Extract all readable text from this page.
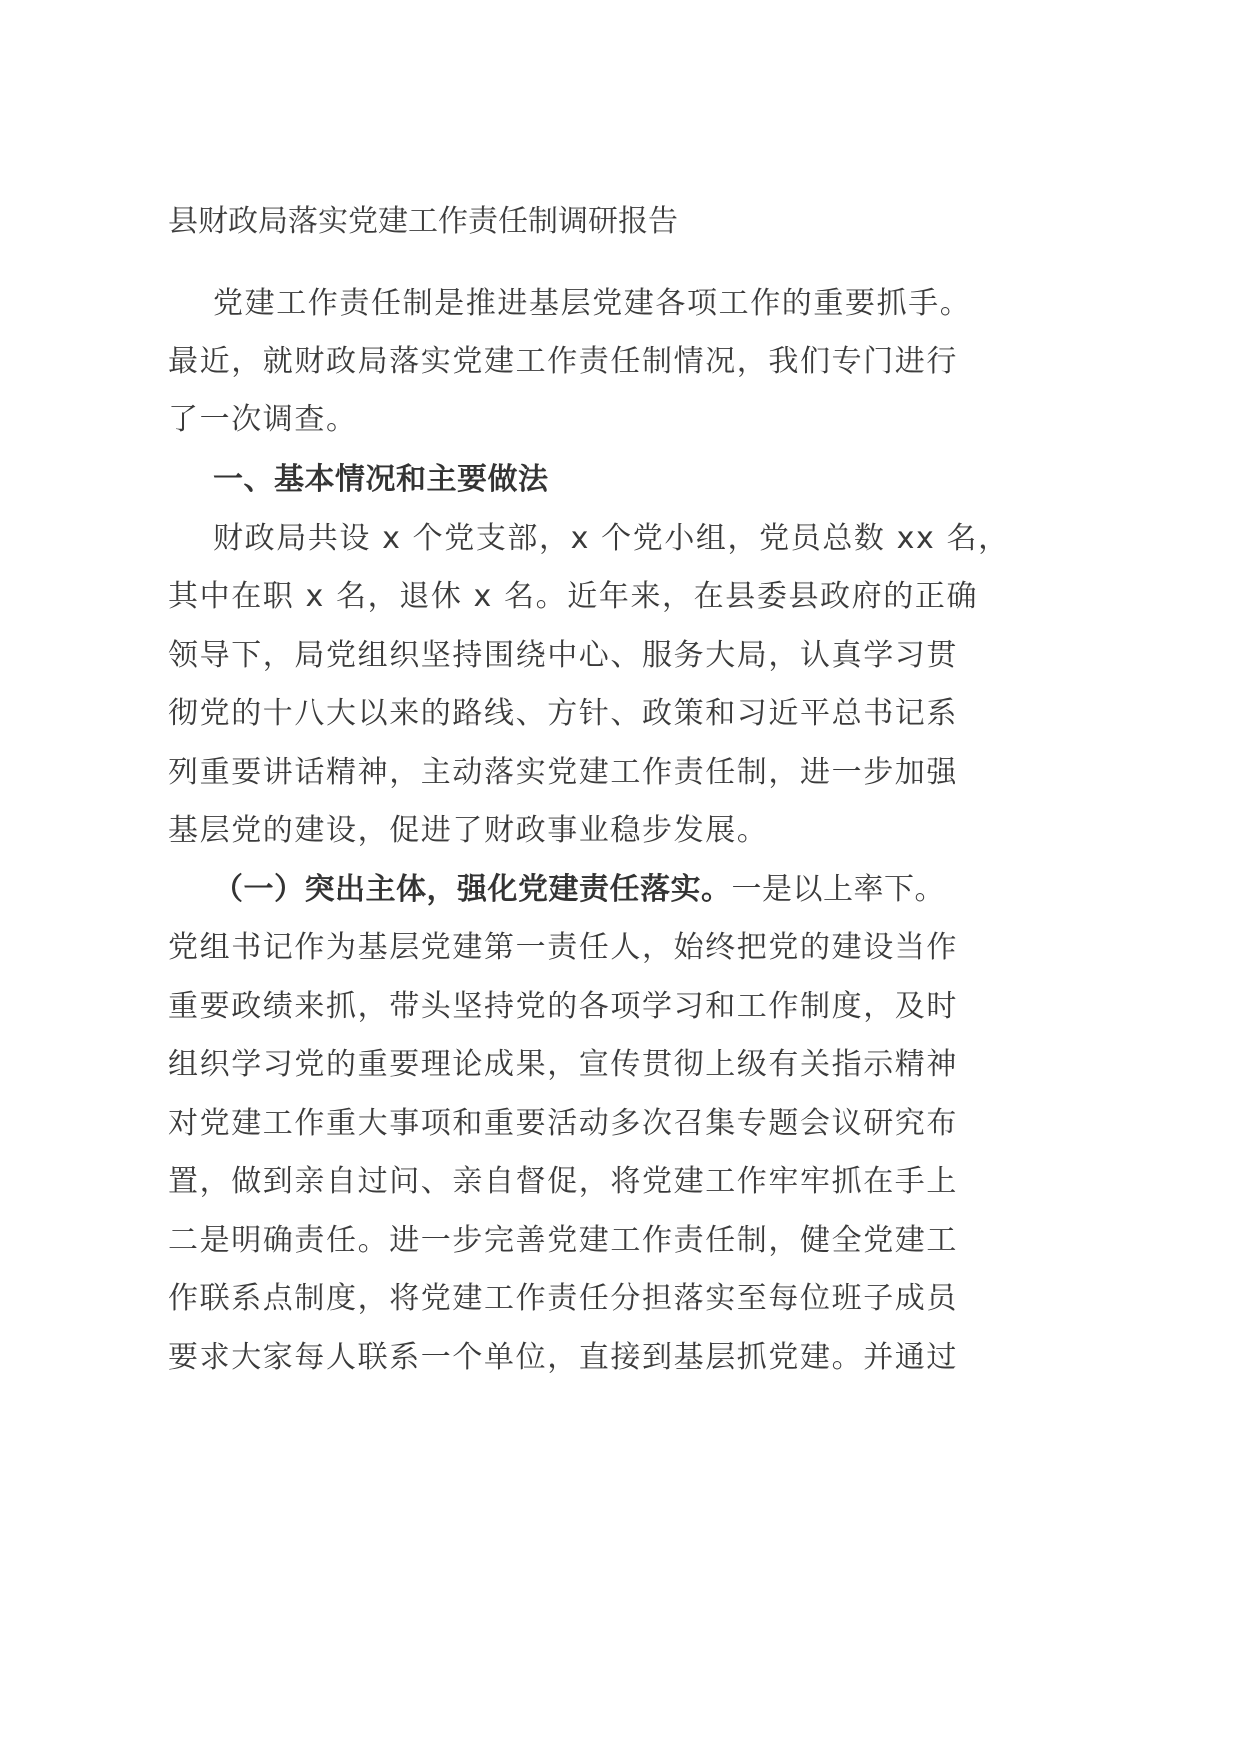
县财政局落实党建工作责任制调研报告
党建工作责任制是推进基层党建各项工作的重要抓手。
最近，就财政局落实党建工作责任制情况，我们专门进行
了一次调查。
一、基本情况和主要做法
财政局共设 x 个党支部，x 个党小组，党员总数 xx 名，
其中在职 x 名，退休 x 名。近年来，在县委县政府的正确
领导下，局党组织坚持围绕中心、服务大局，认真学习贯
彻党的十八大以来的路线、方针、政策和习近平总书记系
列重要讲话精神，主动落实党建工作责任制，进一步加强
基层党的建设，促进了财政事业稳步发展。
（一）突出主体，强化党建责任落实。一是以上率下。
党组书记作为基层党建第一责任人，始终把党的建设当作
重要政绩来抓，带头坚持党的各项学习和工作制度，及时
组织学习党的重要理论成果，宣传贯彻上级有关指示精神
对党建工作重大事项和重要活动多次召集专题会议研究布
置，做到亲自过问、亲自督促，将党建工作牢牢抓在手上
二是明确责任。进一步完善党建工作责任制，健全党建工
作联系点制度，将党建工作责任分担落实至每位班子成员
要求大家每人联系一个单位，直接到基层抓党建。并通过
